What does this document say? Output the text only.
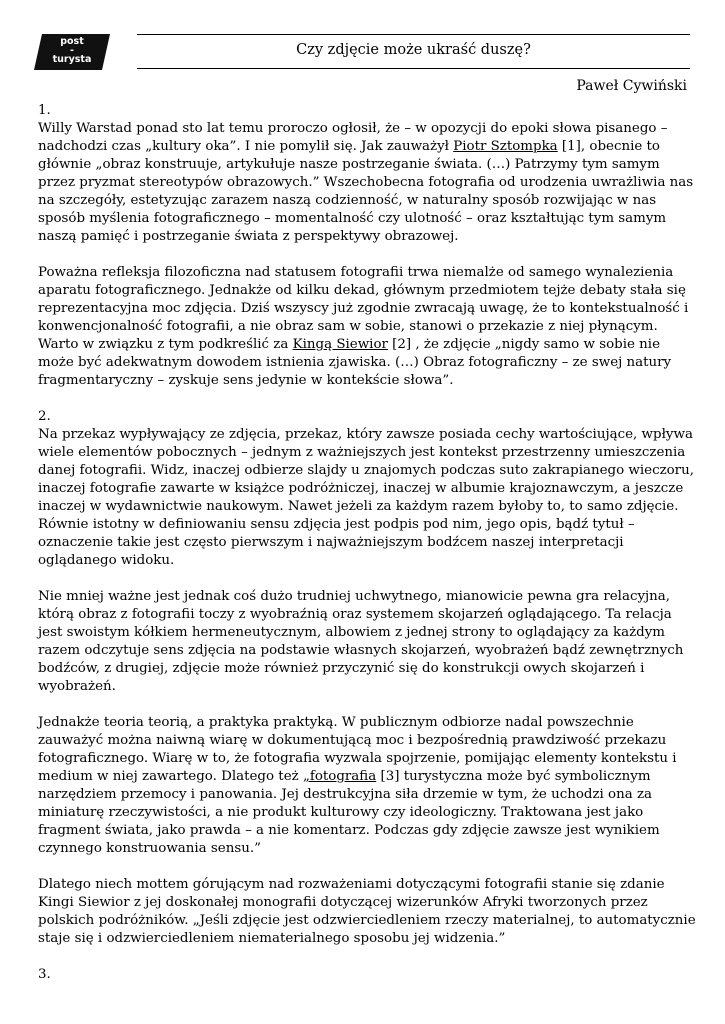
post
-
turysta
Czy zdjęcie może ukraść duszę?
Paweł Cywiński
1.

Willy Warstad ponad sto lat temu proroczo ogłosił, że – w opozycji do epoki słowa pisanego – nadchodzi czas „kultury oka”. I nie pomylił się. Jak zauważył Piotr Sztompka [1], obecnie to głównie „obraz konstruuje, artykułuje nasze postrzeganie świata. (…) Patrzymy tym samym przez pryzmat stereotypów obrazowych.” Wszechobecna fotografia od urodzenia uwrażliwia nas na szczegóły, estetyzując zarazem naszą codzienność, w naturalny sposób rozwijając w nas sposób myślenia fotograficznego – momentalność czy ulotność – oraz kształtując tym samym naszą pamięć i postrzeganie świata z perspektywy obrazowej.

Poważna refleksja filozoficzna nad statusem fotografii trwa niemalże od samego wynalezienia aparatu fotograficznego. Jednakże od kilku dekad, głównym przedmiotem tejże debaty stała się reprezentacyjna moc zdjęcia. Dziś wszyscy już zgodnie zwracają uwagę, że to kontekstualność i konwencjonalność fotografii, a nie obraz sam w sobie, stanowi o przekazie z niej płynącym. Warto w związku z tym podkreślić za Kingą Siewior [2] , że zdjęcie „nigdy samo w sobie nie może być adekwatnym dowodem istnienia zjawiska. (…) Obraz fotograficzny – ze swej natury fragmentaryczny – zyskuje sens jedynie w kontekście słowa”.

2.

Na przekaz wypływający ze zdjęcia, przekaz, który zawsze posiada cechy wartościujące, wpływa wiele elementów pobocznych – jednym z ważniejszych jest kontekst przestrzenny umieszczenia danej fotografii. Widz, inaczej odbierze slajdy u znajomych podczas suto zakrapianego wieczoru, inaczej fotografie zawarte w książce podróżniczej, inaczej w albumie krajoznawczym, a jeszcze inaczej w wydawnictwie naukowym. Nawet jeżeli za każdym razem byłoby to, to samo zdjęcie. Równie istotny w definiowaniu sensu zdjęcia jest podpis pod nim, jego opis, bądź tytuł – oznaczenie takie jest często pierwszym i najważniejszym bodźcem naszej interpretacji oglądanego widoku.

Nie mniej ważne jest jednak coś dużo trudniej uchwytnego, mianowicie pewna gra relacyjna, którą obraz z fotografii toczy z wyobraźnią oraz systemem skojarzeń oglądającego. Ta relacja jest swoistym kółkiem hermeneutycznym, albowiem z jednej strony to oglądający za każdym razem odczytuje sens zdjęcia na podstawie własnych skojarzeń, wyobrażeń bądź zewnętrznych bodźców, z drugiej, zdjęcie może również przyczynić się do konstrukcji owych skojarzeń i wyobrażeń.

Jednakże teoria teorią, a praktyka praktyką. W publicznym odbiorze nadal powszechnie zauważyć można naiwną wiarę w dokumentującą moc i bezpośrednią prawdziwość przekazu fotograficznego. Wiarę w to, że fotografia wyzwala spojrzenie, pomijając elementy kontekstu i medium w niej zawartego. Dlatego też „fotografia [3] turystyczna może być symbolicznym narzędziem przemocy i panowania. Jej destrukcyjna siła drzemie w tym, że uchodzi ona za miniaturę rzeczywistości, a nie produkt kulturowy czy ideologiczny. Traktowana jest jako fragment świata, jako prawda – a nie komentarz. Podczas gdy zdjęcie zawsze jest wynikiem czynnego konstruowania sensu.”

Dlatego niech mottem górującym nad rozważeniami dotyczącymi fotografii stanie się zdanie Kingi Siewior z jej doskonałej monografii dotyczącej wizerunków Afryki tworzonych przez polskich podróżników. „Jeśli zdjęcie jest odzwierciedleniem rzeczy materialnej, to automatycznie staje się i odzwierciedleniem niematerialnego sposobu jej widzenia.”

3.
